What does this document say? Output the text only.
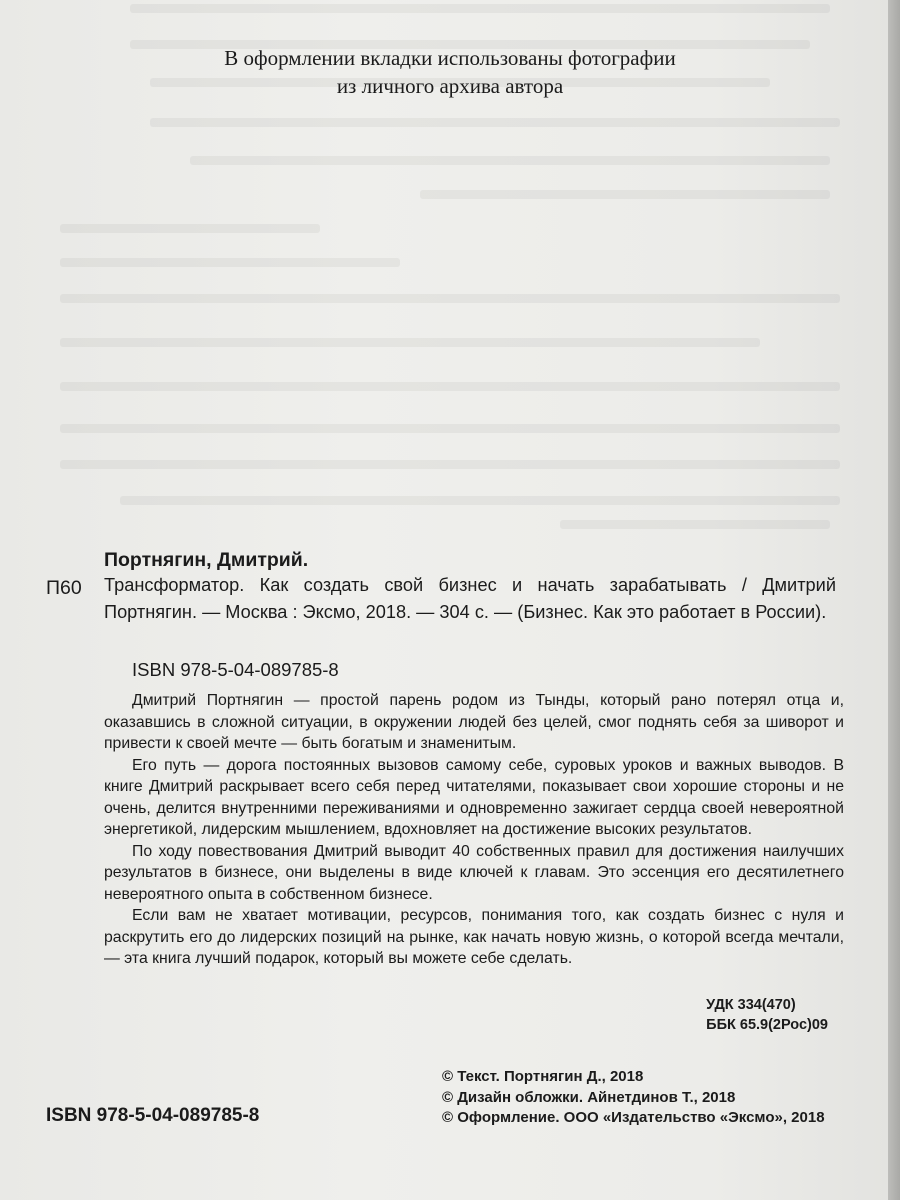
В оформлении вкладки использованы фотографии
из личного архива автора
Портнягин, Дмитрий.
П60 Трансформатор. Как создать свой бизнес и начать зарабатывать / Дмитрий Портнягин. — Москва : Эксмо, 2018. — 304 с. — (Бизнес. Как это работает в России).
ISBN 978-5-04-089785-8

Дмитрий Портнягин — простой парень родом из Тынды, который рано потерял отца и, оказавшись в сложной ситуации, в окружении людей без целей, смог поднять себя за шиворот и привести к своей мечте — быть богатым и знаменитым.

Его путь — дорога постоянных вызовов самому себе, суровых уроков и важных выводов. В книге Дмитрий раскрывает всего себя перед читателями, показывает свои хорошие стороны и не очень, делится внутренними переживаниями и одновременно зажигает сердца своей невероятной энергетикой, лидерским мышлением, вдохновляет на достижение высоких результатов.

По ходу повествования Дмитрий выводит 40 собственных правил для достижения наилучших результатов в бизнесе, они выделены в виде ключей к главам. Это эссенция его десятилетнего невероятного опыта в собственном бизнесе.

Если вам не хватает мотивации, ресурсов, понимания того, как создать бизнес с нуля и раскрутить его до лидерских позиций на рынке, как начать новую жизнь, о которой всегда мечтали, — эта книга лучший подарок, который вы можете себе сделать.

УДК 334(470)
ББК 65.9(2Рос)09
© Текст. Портнягин Д., 2018
© Дизайн обложки. Айнетдинов Т., 2018
© Оформление. ООО «Издательство «Эксмо», 2018
ISBN 978-5-04-089785-8
